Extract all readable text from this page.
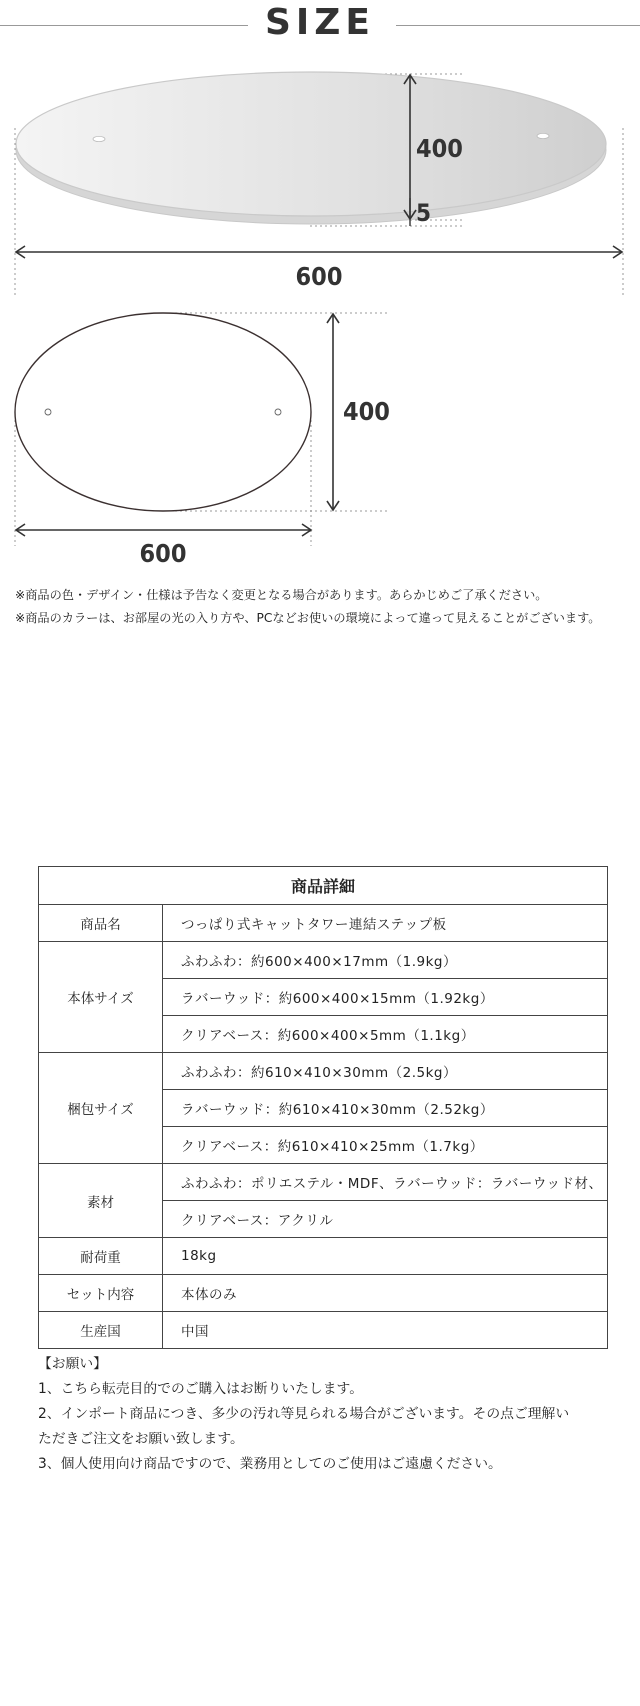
SIZE
400
5
600
400
600
※商品の色・デザイン・仕様は予告なく変更となる場合があります。あらかじめご了承ください。
※商品のカラーは、お部屋の光の入り方や、PCなどお使いの環境によって違って見えることがございます。
商品詳細	
商品名	つっぱり式キャットタワー連結ステップ板
本体サイズ	ふわふわ：約600×400×17mm（1.9kg）
	ラバーウッド：約600×400×15mm（1.92kg）
	クリアベース：約600×400×5mm（1.1kg）
梱包サイズ	ふわふわ：約610×410×30mm（2.5kg）
	ラバーウッド：約610×410×30mm（2.52kg）
	クリアベース：約610×410×25mm（1.7kg）
素材	ふわふわ：ポリエステル・MDF、ラバーウッド：ラバーウッド材、
	クリアベース：アクリル
耐荷重	18kg
セット内容	本体のみ
生産国	中国
【お願い】
1、こちら転売目的でのご購入はお断りいたします。
2、インポート商品につき、多少の汚れ等見られる場合がございます。その点ご理解い
ただきご注文をお願い致します。
3、個人使用向け商品ですので、業務用としてのご使用はご遠慮ください。
